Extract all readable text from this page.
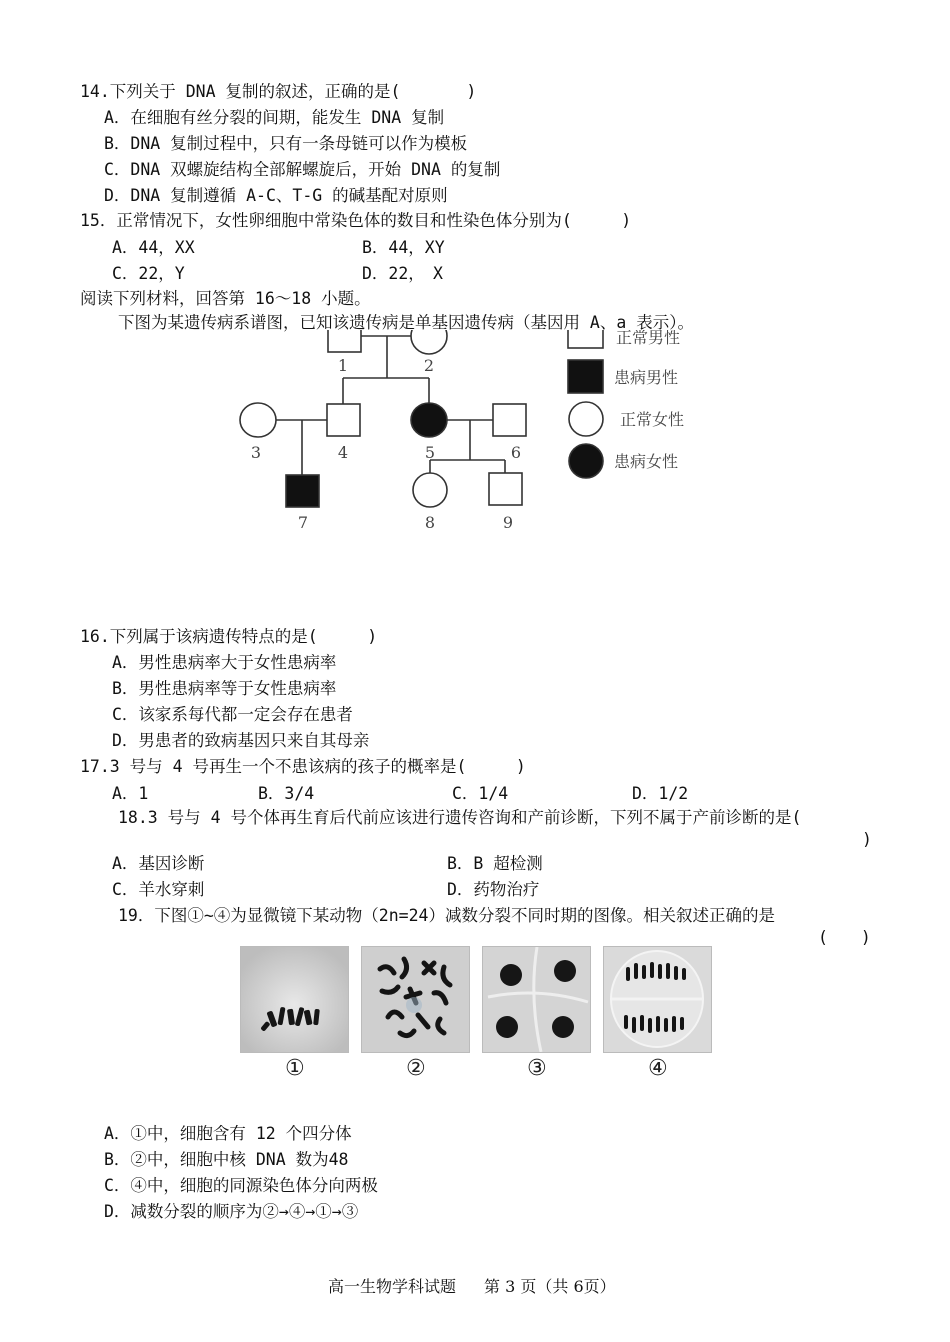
14.下列关于 DNA 复制的叙述，正确的是(　　　　)
A．在细胞有丝分裂的间期，能发生 DNA 复制
B．DNA 复制过程中，只有一条母链可以作为模板
C．DNA 双螺旋结构全部解螺旋后，开始 DNA 的复制
D．DNA 复制遵循 A-C、T-G 的碱基配对原则
15．正常情况下，女性卵细胞中常染色体的数目和性染色体分别为(　　　)
A．44，XX	B．44，XY
C．22，Y	D．22，　X
阅读下列材料，回答第 16～18 小题。
下图为某遗传病系谱图，已知该遗传病是单基因遗传病（基因用 A、a 表示）。
1	2
3	4	5	6
7	8	9
正常男性
患病男性
正常女性
患病女性
16.下列属于该病遗传特点的是(　　　)
A．男性患病率大于女性患病率
B．男性患病率等于女性患病率
C．该家系每代都一定会存在患者
D．男患者的致病基因只来自其母亲
17.3 号与 4 号再生一个不患该病的孩子的概率是(　　　)
A．1	B．3/4	C．1/4	D．1/2
18.3 号与 4 号个体再生育后代前应该进行遗传咨询和产前诊断，下列不属于产前诊断的是(
)
A．基因诊断	B．B 超检测
C．羊水穿刺	D．药物治疗
19．下图①~④为显微镜下某动物（2n=24）减数分裂不同时期的图像。相关叙述正确的是
(　　)
①	②	③	④
A．①中，细胞含有 12 个四分体
B．②中，细胞中核 DNA 数为48
C．④中，细胞的同源染色体分向两极
D．减数分裂的顺序为②→④→①→③
高一生物学科试题 第 3 页（共 6页）
